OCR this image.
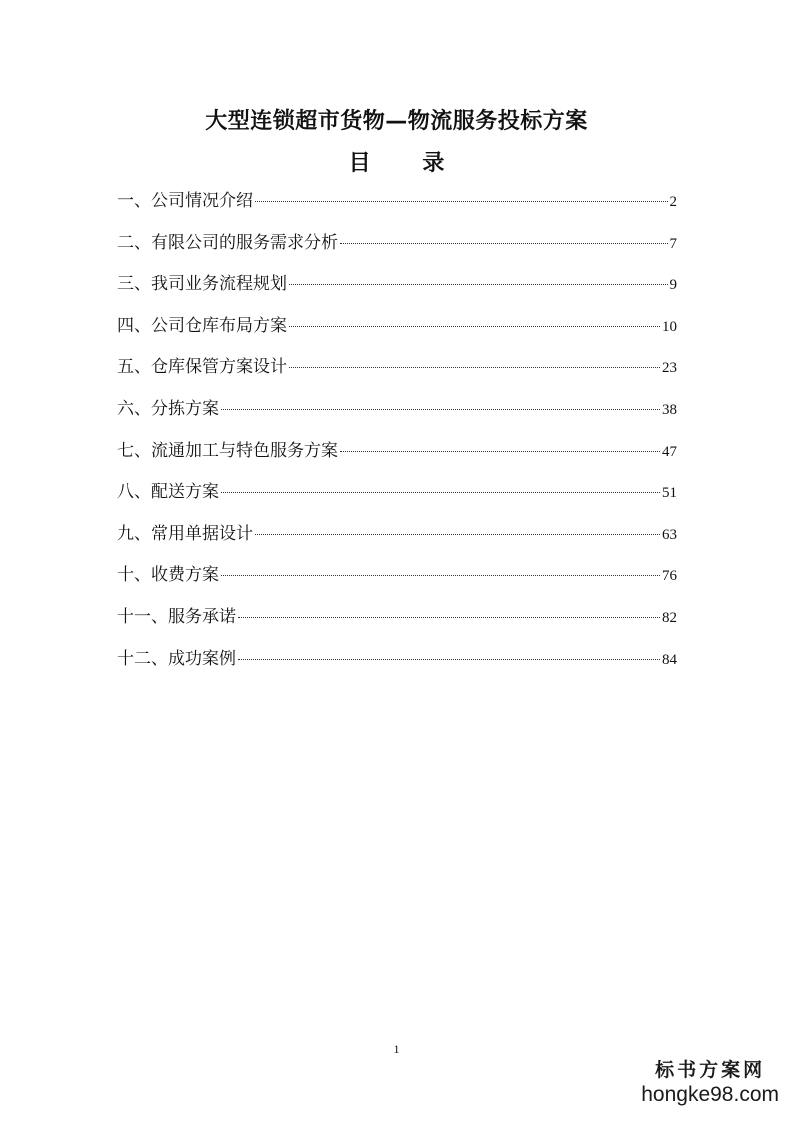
大型连锁超市货物—物流服务投标方案
目 录
一、公司情况介绍	2
二、有限公司的服务需求分析	7
三、我司业务流程规划	9
四、公司仓库布局方案	10
五、仓库保管方案设计	23
六、分拣方案	38
七、流通加工与特色服务方案	47
八、配送方案	51
九、常用单据设计	63
十、收费方案	76
十一、服务承诺	82
十二、成功案例	84
1
标书方案网
hongke98.com
